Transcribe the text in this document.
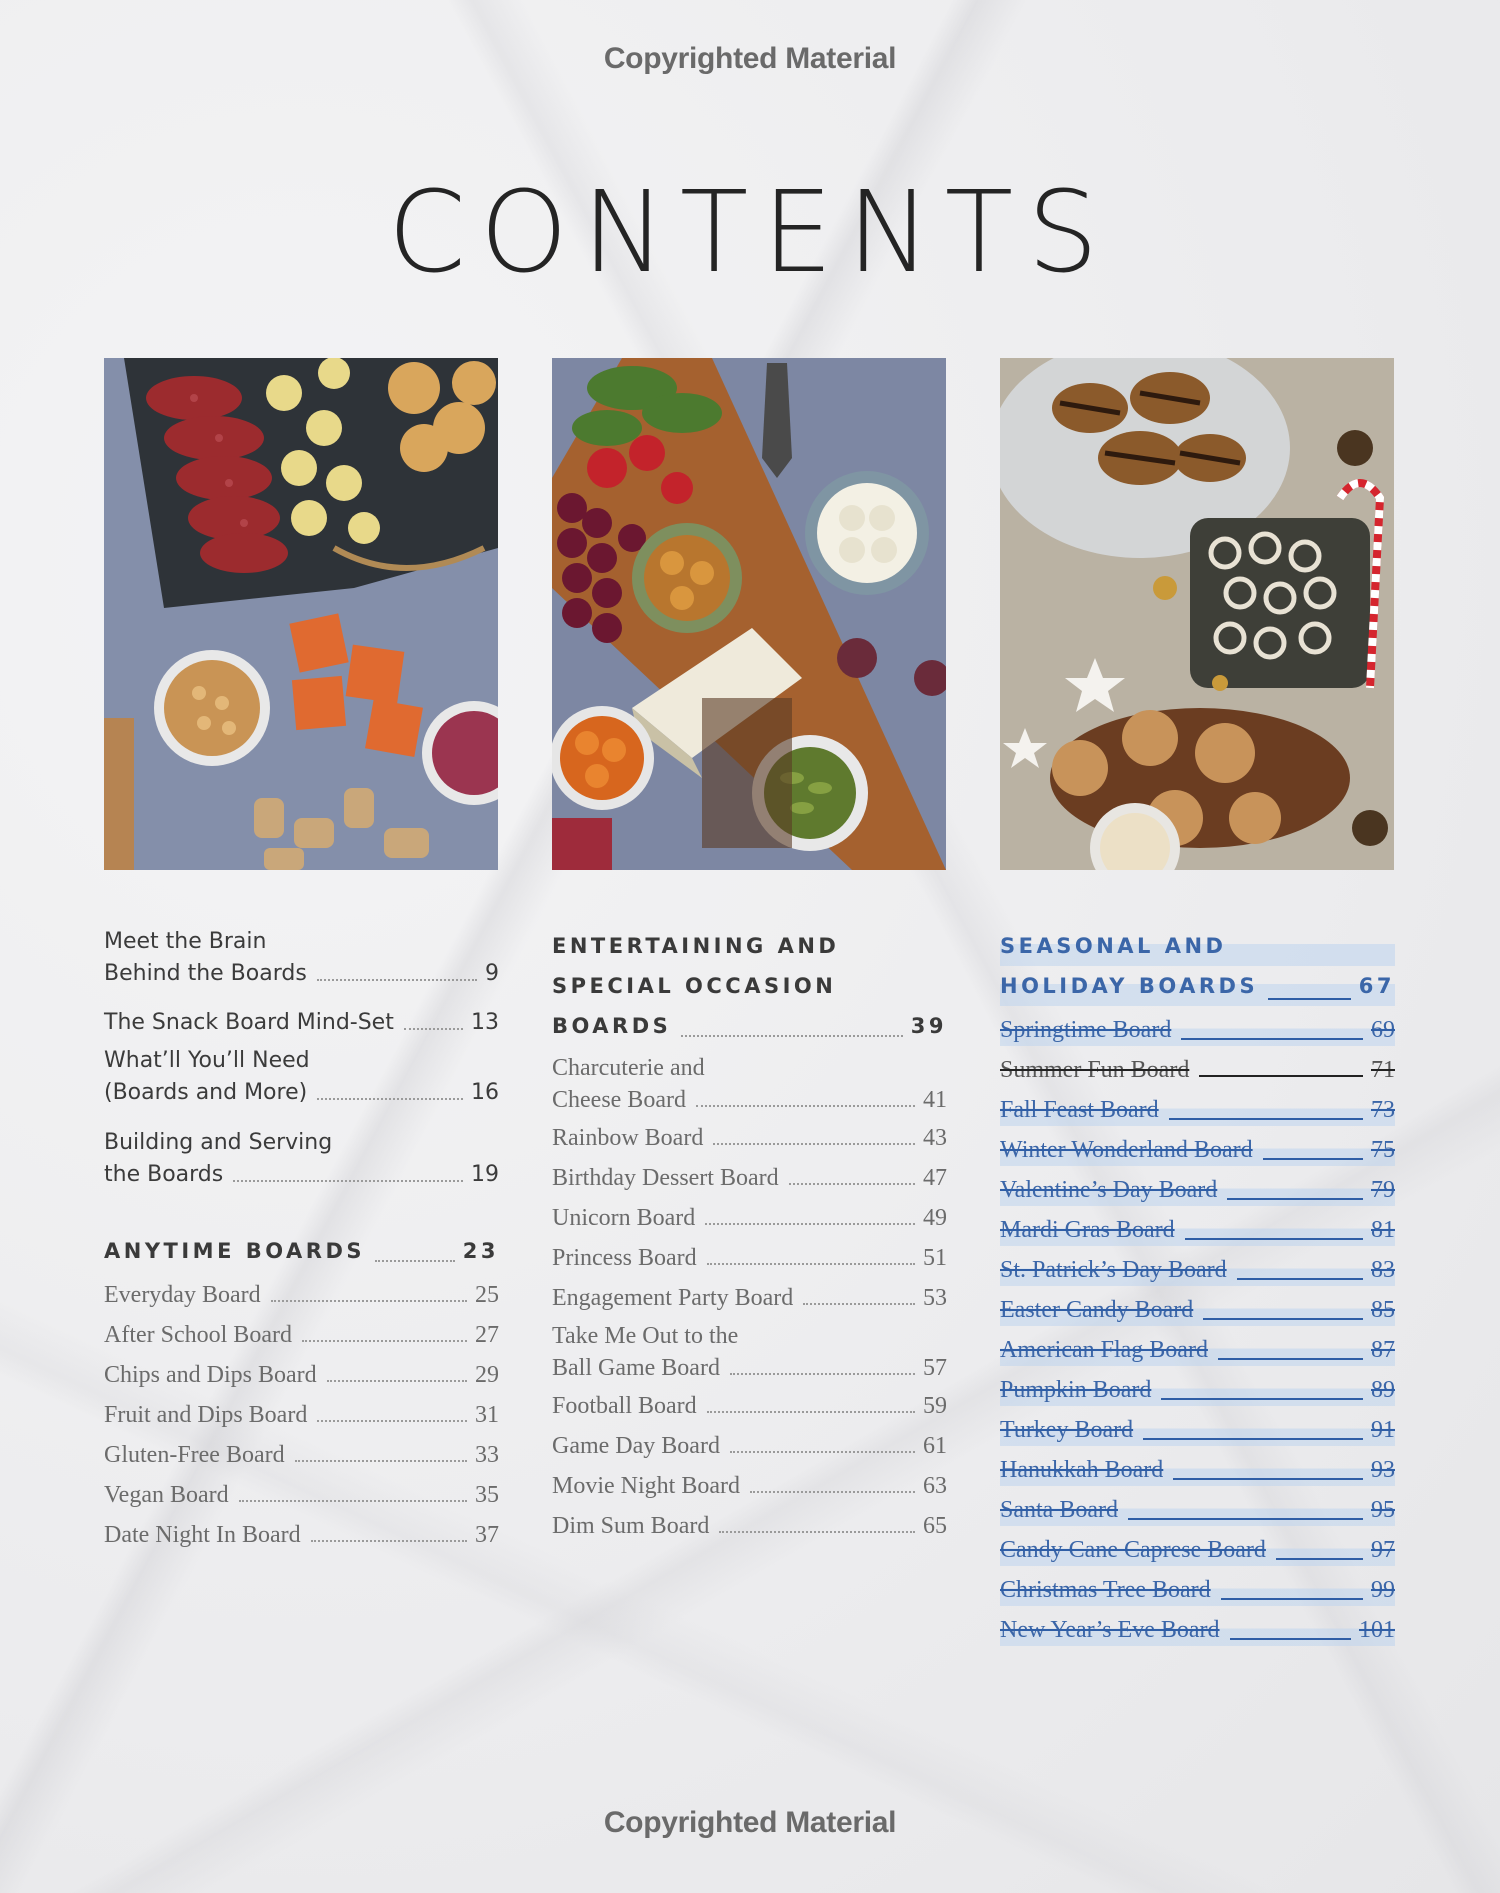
Copyrighted Material
CONTENTS
Meet the Brain
Behind the Boards	9
The Snack Board Mind-Set	13
What’ll You’ll Need
(Boards and More)	16
Building and Serving
the Boards	19
ANYTIME BOARDS	23
Everyday Board	25
After School Board	27
Chips and Dips Board	29
Fruit and Dips Board	31
Gluten-Free Board	33
Vegan Board	35
Date Night In Board	37
ENTERTAINING AND
SPECIAL OCCASION
BOARDS	39
Charcuterie and
Cheese Board	41
Rainbow Board	43
Birthday Dessert Board	47
Unicorn Board	49
Princess Board	51
Engagement Party Board	53
Take Me Out to the
Ball Game Board	57
Football Board	59
Game Day Board	61
Movie Night Board	63
Dim Sum Board	65
SEASONAL AND
HOLIDAY BOARDS	67
Springtime Board	69
Summer Fun Board	71
Fall Feast Board	73
Winter Wonderland Board	75
Valentine’s Day Board	79
Mardi Gras Board	81
St. Patrick’s Day Board	83
Easter Candy Board	85
American Flag Board	87
Pumpkin Board	89
Turkey Board	91
Hanukkah Board	93
Santa Board	95
Candy Cane Caprese Board	97
Christmas Tree Board	99
New Year’s Eve Board	101
Copyrighted Material
